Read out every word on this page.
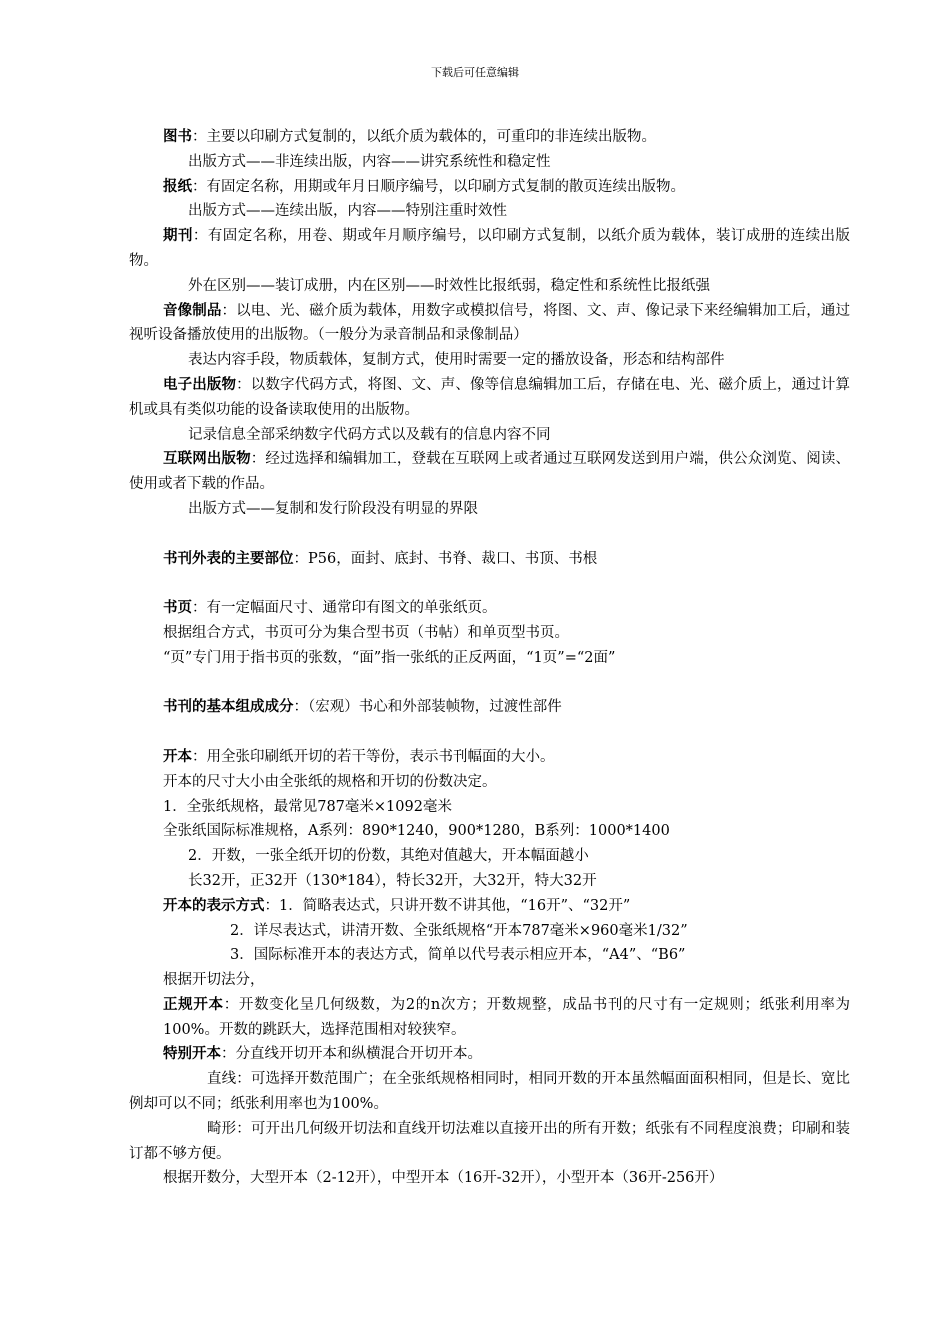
下载后可任意编辑

图书：主要以印刷方式复制的，以纸介质为载体的，可重印的非连续出版物。

出版方式——非连续出版，内容——讲究系统性和稳定性

报纸：有固定名称，用期或年月日顺序编号，以印刷方式复制的散页连续出版物。

出版方式——连续出版，内容——特别注重时效性

期刊：有固定名称，用卷、期或年月顺序编号，以印刷方式复制，以纸介质为载体，装订成册的连续出版物。

外在区别——装订成册，内在区别——时效性比报纸弱，稳定性和系统性比报纸强

音像制品：以电、光、磁介质为载体，用数字或模拟信号，将图、文、声、像记录下来经编辑加工后，通过视听设备播放使用的出版物。（一般分为录音制品和录像制品）

表达内容手段，物质载体，复制方式，使用时需要一定的播放设备，形态和结构部件

电子出版物：以数字代码方式，将图、文、声、像等信息编辑加工后，存储在电、光、磁介质上，通过计算机或具有类似功能的设备读取使用的出版物。

记录信息全部采纳数字代码方式以及载有的信息内容不同

互联网出版物：经过选择和编辑加工，登载在互联网上或者通过互联网发送到用户端，供公众浏览、阅读、使用或者下载的作品。

出版方式——复制和发行阶段没有明显的界限

书刊外表的主要部位：P56，面封、底封、书脊、裁口、书顶、书根

书页：有一定幅面尺寸、通常印有图文的单张纸页。

根据组合方式，书页可分为集合型书页（书帖）和单页型书页。

“页”专门用于指书页的张数，“面”指一张纸的正反两面，“1页”=“2面”

书刊的基本组成成分：（宏观）书心和外部装帧物，过渡性部件

开本：用全张印刷纸开切的若干等份，表示书刊幅面的大小。

开本的尺寸大小由全张纸的规格和开切的份数决定。

1．全张纸规格，最常见787毫米×1092毫米

全张纸国际标准规格，A系列：890*1240，900*1280，B系列：1000*1400

2．开数，一张全纸开切的份数，其绝对值越大，开本幅面越小

长32开，正32开（130*184），特长32开，大32开，特大32开

开本的表示方式：1．简略表达式，只讲开数不讲其他，“16开”、“32开”

2．详尽表达式，讲清开数、全张纸规格“开本787毫米×960毫米1/32”

3．国际标准开本的表达方式，简单以代号表示相应开本，“A4”、“B6”

根据开切法分，

正规开本：开数变化呈几何级数，为2的n次方；开数规整，成品书刊的尺寸有一定规则；纸张利用率为100%。开数的跳跃大，选择范围相对较狭窄。

特别开本：分直线开切开本和纵横混合开切开本。

直线：可选择开数范围广；在全张纸规格相同时，相同开数的开本虽然幅面面积相同，但是长、宽比例却可以不同；纸张利用率也为100%。

畸形：可开出几何级开切法和直线开切法难以直接开出的所有开数；纸张有不同程度浪费；印刷和装订都不够方便。

根据开数分，大型开本（2-12开），中型开本（16开-32开），小型开本（36开-256开）
